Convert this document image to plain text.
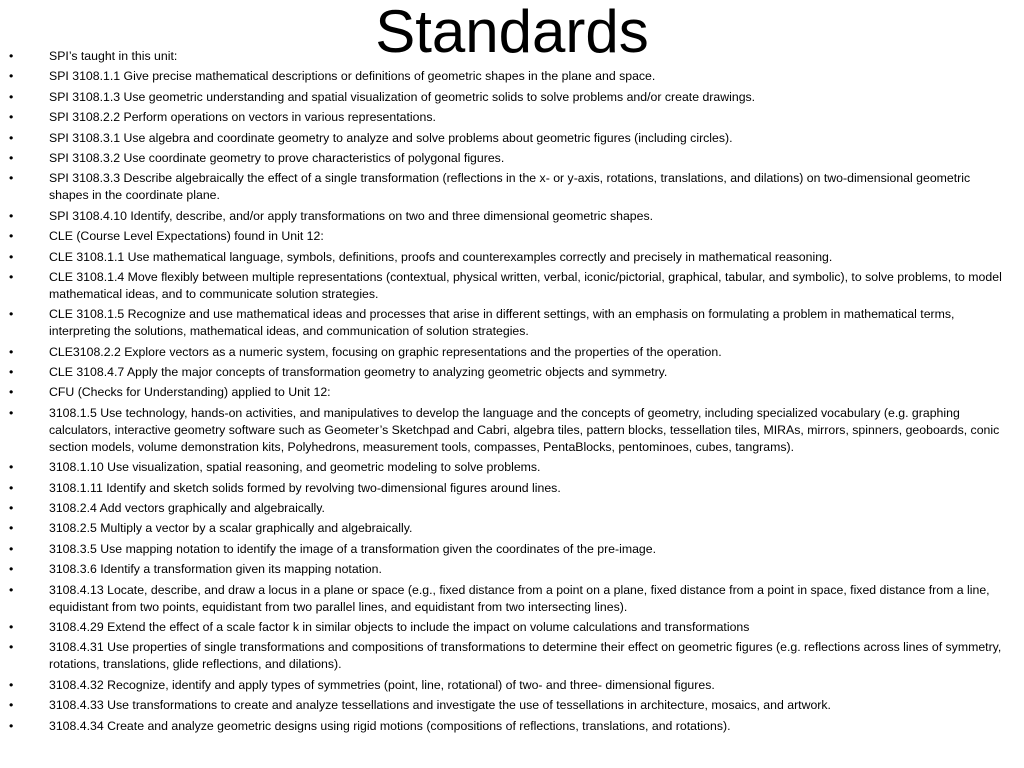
Standards
•	SPI’s taught in this unit:
•	SPI 3108.1.1 Give precise mathematical descriptions or definitions of geometric shapes in the plane and space.
•	SPI 3108.1.3 Use geometric understanding and spatial visualization of geometric solids to solve problems and/or create drawings.
•	SPI 3108.2.2 Perform operations on vectors in various representations.
•	SPI 3108.3.1 Use algebra and coordinate geometry to analyze and solve problems about geometric figures (including circles).
•	SPI 3108.3.2 Use coordinate geometry to prove characteristics of polygonal figures.
•	SPI 3108.3.3 Describe algebraically the effect of a single transformation (reflections in the x- or y-axis, rotations, translations, and dilations) on two-dimensional geometric shapes in the coordinate plane.
•	SPI 3108.4.10 Identify, describe, and/or apply transformations on two and three dimensional geometric shapes.
•	CLE (Course Level Expectations) found in Unit 12:
•	CLE 3108.1.1 Use mathematical language, symbols, definitions, proofs and counterexamples correctly and precisely in mathematical reasoning.
•	CLE 3108.1.4 Move flexibly between multiple representations (contextual, physical written, verbal, iconic/pictorial, graphical, tabular, and symbolic), to solve problems, to model mathematical ideas, and to communicate solution strategies.
•	CLE 3108.1.5 Recognize and use mathematical ideas and processes that arise in different settings, with an emphasis on formulating a problem in mathematical terms, interpreting the solutions, mathematical ideas, and communication of solution strategies.
•	CLE3108.2.2 Explore vectors as a numeric system, focusing on graphic representations and the properties of the operation.
•	CLE 3108.4.7 Apply the major concepts of transformation geometry to analyzing geometric objects and symmetry.
•	CFU (Checks for Understanding) applied to Unit 12:
•	3108.1.5 Use technology, hands-on activities, and manipulatives to develop the language and the concepts of geometry, including specialized vocabulary (e.g. graphing calculators, interactive geometry software such as Geometer’s Sketchpad and Cabri, algebra tiles, pattern blocks, tessellation tiles, MIRAs, mirrors, spinners, geoboards, conic section models, volume demonstration kits, Polyhedrons, measurement tools, compasses, PentaBlocks, pentominoes, cubes, tangrams).
•	3108.1.10 Use visualization, spatial reasoning, and geometric modeling to solve problems.
•	3108.1.11 Identify and sketch solids formed by revolving two-dimensional figures around lines.
•	3108.2.4 Add vectors graphically and algebraically.
•	3108.2.5 Multiply a vector by a scalar graphically and algebraically.
•	3108.3.5 Use mapping notation to identify the image of a transformation given the coordinates of the pre-image.
•	3108.3.6 Identify a transformation given its mapping notation.
•	3108.4.13 Locate, describe, and draw a locus in a plane or space (e.g., fixed distance from a point on a plane, fixed distance from a point in space, fixed distance from a line, equidistant from two points, equidistant from two parallel lines, and equidistant from two intersecting lines).
•	3108.4.29 Extend the effect of a scale factor k in similar objects to include the impact on volume calculations and transformations
•	3108.4.31 Use properties of single transformations and compositions of transformations to determine their effect on geometric figures (e.g. reflections across lines of symmetry, rotations, translations, glide reflections, and dilations).
•	3108.4.32 Recognize, identify and apply types of symmetries (point, line, rotational) of two- and three- dimensional figures.
•	3108.4.33 Use transformations to create and analyze tessellations and investigate the use of tessellations in architecture, mosaics, and artwork.
•	3108.4.34 Create and analyze geometric designs using rigid motions (compositions of reflections, translations, and rotations).
